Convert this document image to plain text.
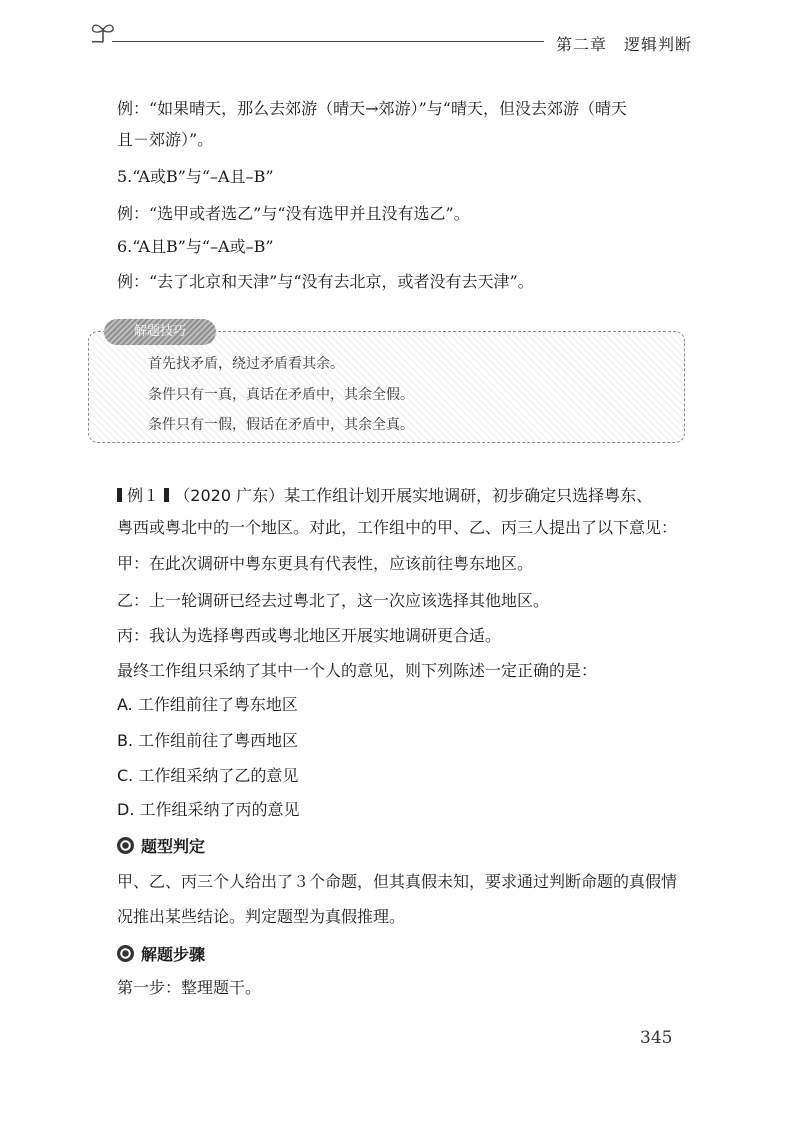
第二章　逻辑判断
例：“如果晴天，那么去郊游（晴天→郊游）”与“晴天，但没去郊游（晴天
且－郊游）”。
5.“A或B”与“–A且–B”
例：“选甲或者选乙”与“没有选甲并且没有选乙”。
6.“A且B”与“–A或–B”
例：“去了北京和天津”与“没有去北京，或者没有去天津”。
解题技巧
首先找矛盾，绕过矛盾看其余。
条件只有一真，真话在矛盾中，其余全假。
条件只有一假，假话在矛盾中，其余全真。
例１ （2020 广东）某工作组计划开展实地调研，初步确定只选择粤东、
粤西或粤北中的一个地区。对此，工作组中的甲、乙、丙三人提出了以下意见：
甲：在此次调研中粤东更具有代表性，应该前往粤东地区。
乙：上一轮调研已经去过粤北了，这一次应该选择其他地区。
丙：我认为选择粤西或粤北地区开展实地调研更合适。
最终工作组只采纳了其中一个人的意见，则下列陈述一定正确的是：
A. 工作组前往了粤东地区
B. 工作组前往了粤西地区
C. 工作组采纳了乙的意见
D. 工作组采纳了丙的意见
题型判定
甲、乙、丙三个人给出了３个命题，但其真假未知，要求通过判断命题的真假情
况推出某些结论。判定题型为真假推理。
解题步骤
第一步：整理题干。
345
